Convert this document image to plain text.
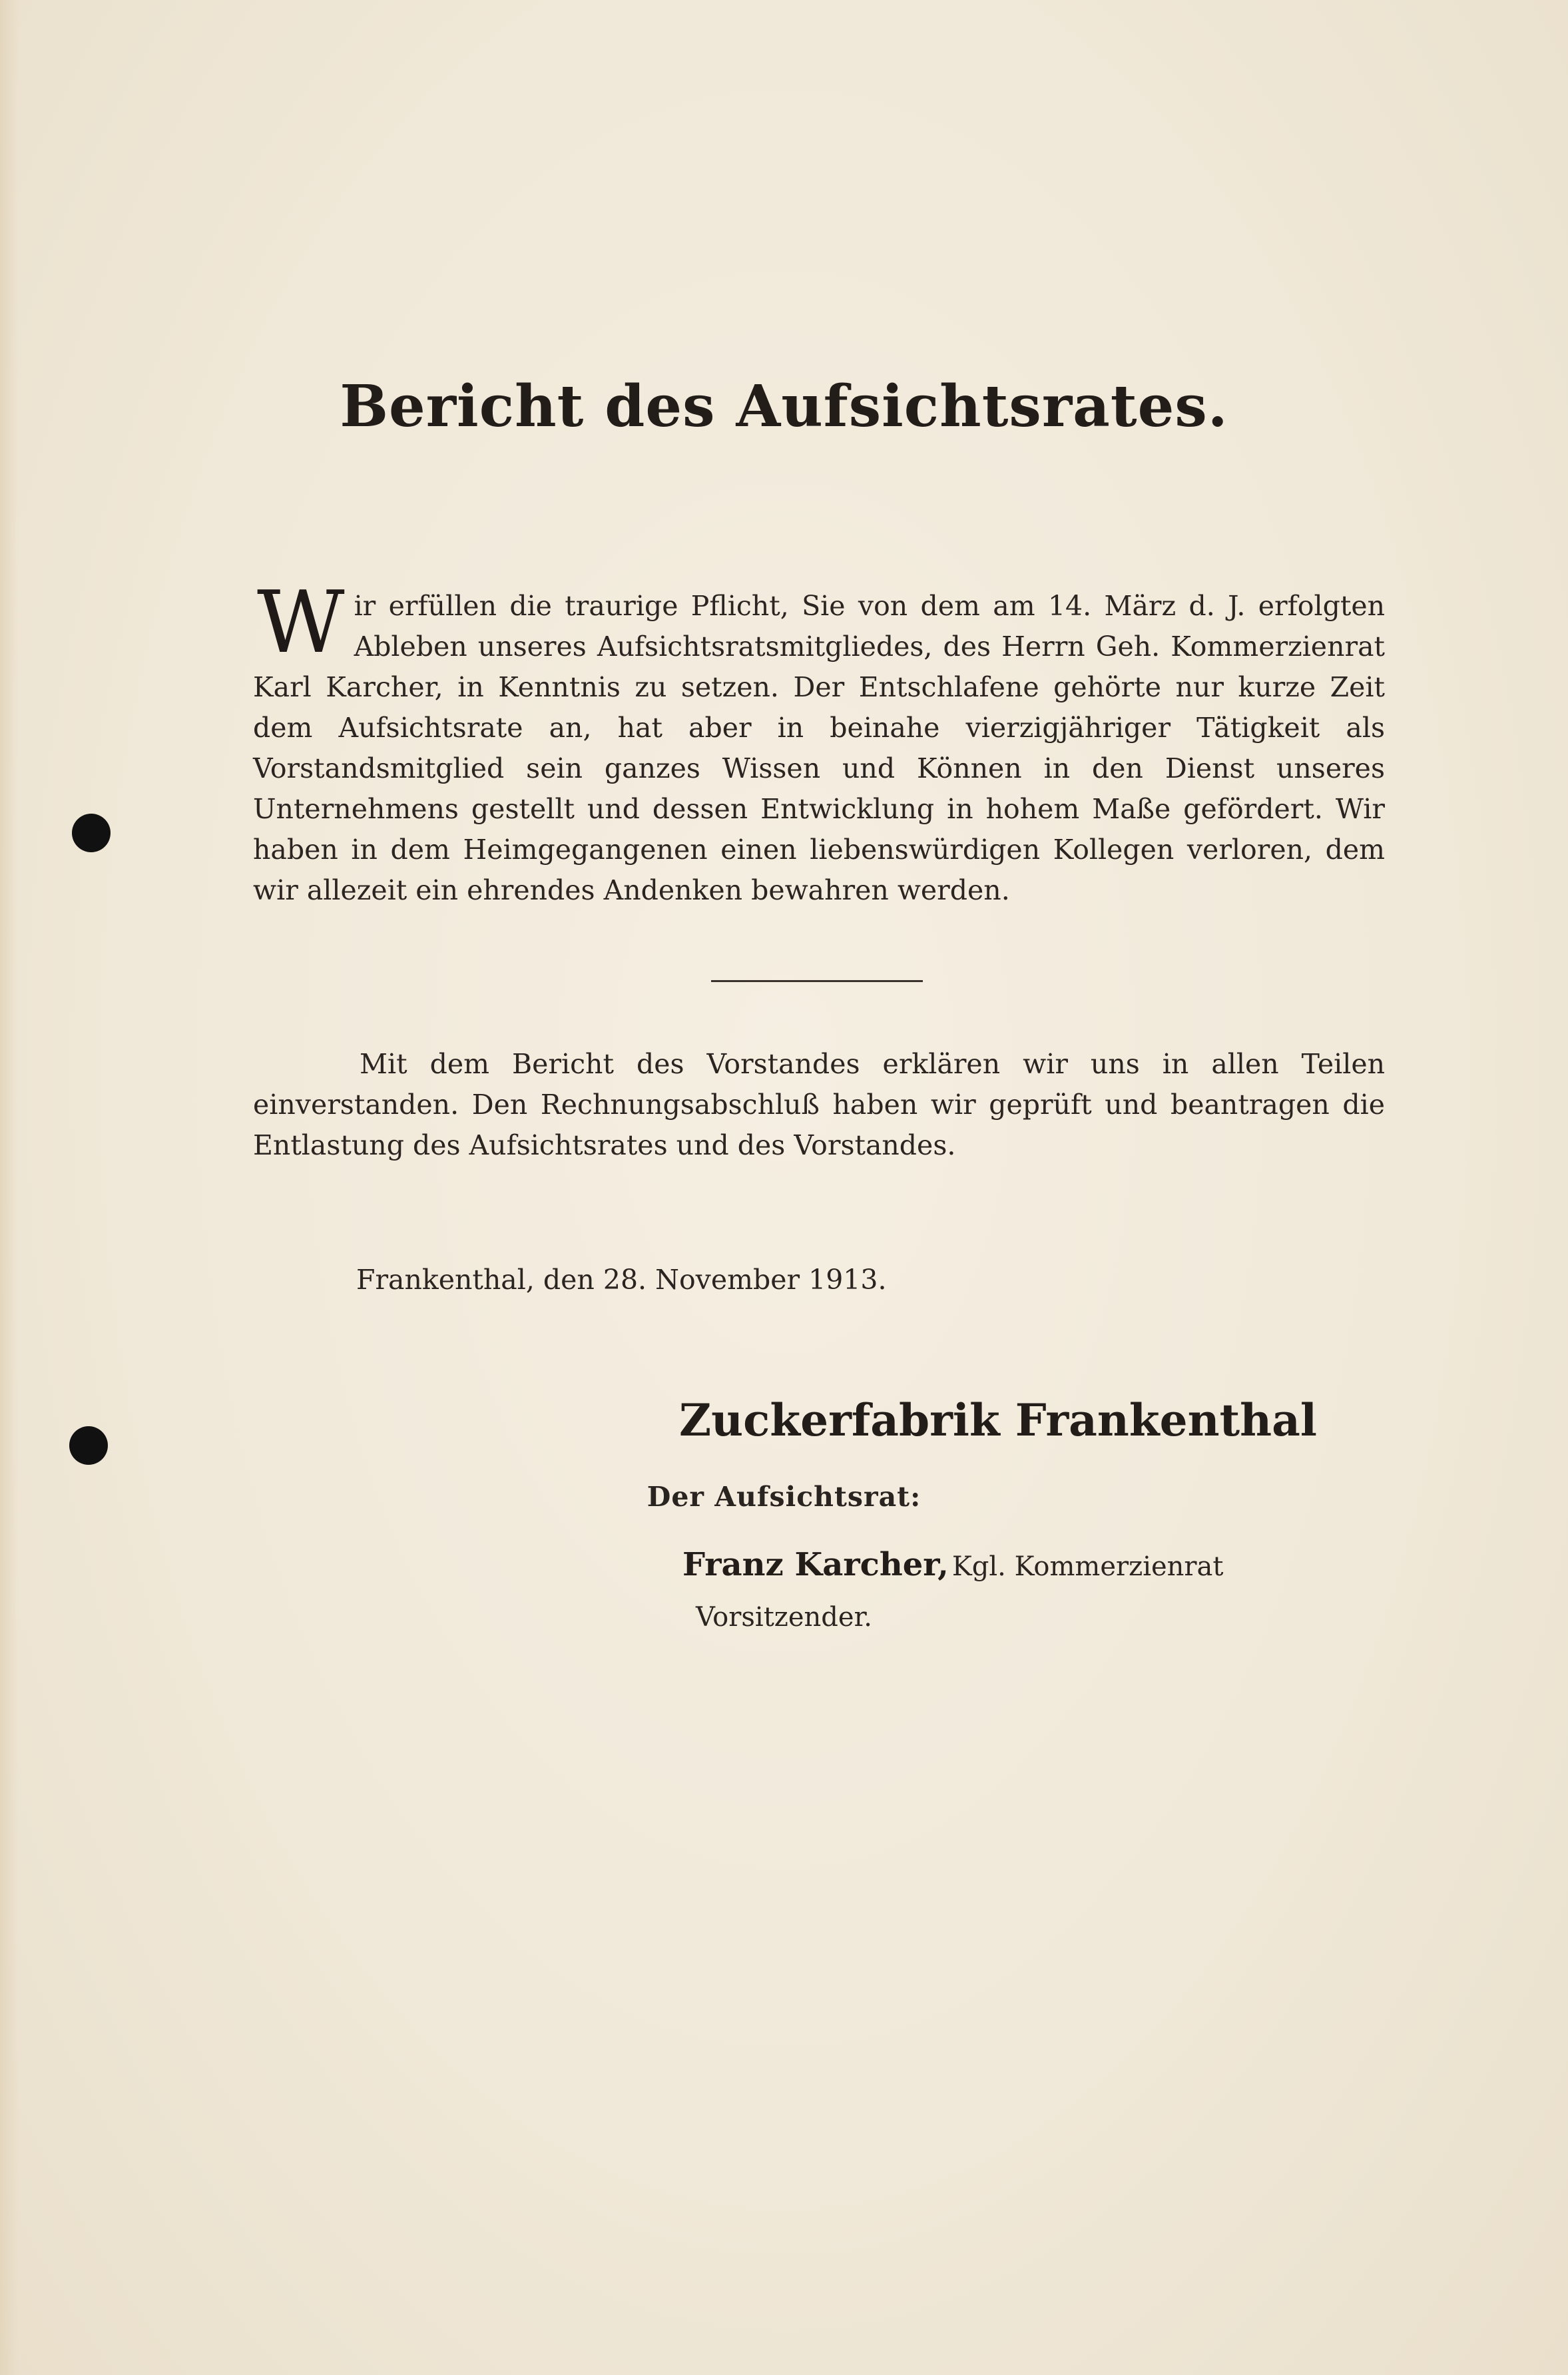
Bericht des Aufsichtsrates.
Wir erfüllen die traurige Pflicht, Sie von dem am 14. März d. J. erfolgten Ableben unseres Aufsichtsratsmitgliedes, des Herrn Geh. Kommerzienrat Karl Karcher, in Kenntnis zu setzen. Der Entschlafene gehörte nur kurze Zeit dem Aufsichtsrate an, hat aber in beinahe vierzigjähriger Tätigkeit als Vorstandsmitglied sein ganzes Wissen und Können in den Dienst unseres Unternehmens gestellt und dessen Entwicklung in hohem Maße gefördert. Wir haben in dem Heimgegangenen einen liebenswürdigen Kollegen verloren, dem wir allezeit ein ehrendes Andenken bewahren werden.
Mit dem Bericht des Vorstandes erklären wir uns in allen Teilen einverstanden. Den Rechnungsabschluß haben wir geprüft und beantragen die Entlastung des Aufsichtsrates und des Vorstandes.
Frankenthal, den 28. November 1913.
Zuckerfabrik Frankenthal
Der Aufsichtsrat:
Franz Karcher, Kgl. Kommerzienrat
Vorsitzender.
